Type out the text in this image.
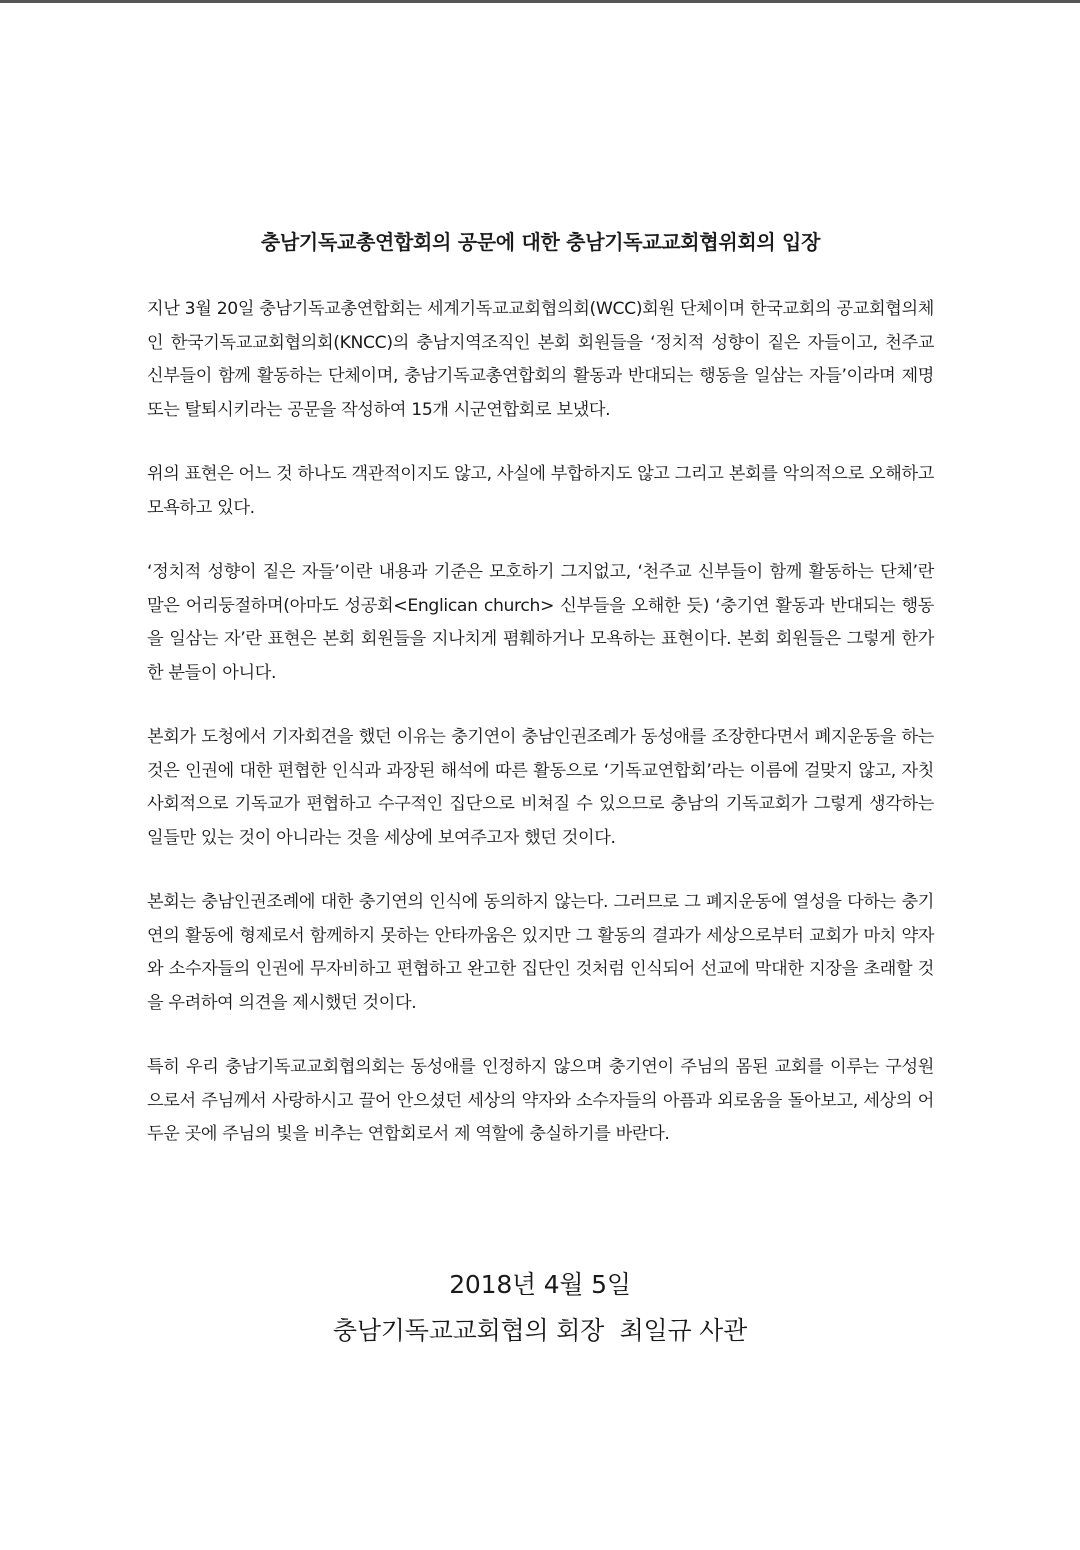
충남기독교총연합회의 공문에 대한 충남기독교교회협위회의 입장

지난 3월 20일 충남기독교총연합회는 세계기독교교회협의회(WCC)회원 단체이며 한국교회의 공교회협의체인 한국기독교교회협의회(KNCC)의 충남지역조직인 본회 회원들을 ‘정치적 성향이 짙은 자들이고, 천주교 신부들이 함께 활동하는 단체이며, 충남기독교총연합회의 활동과 반대되는 행동을 일삼는 자들’이라며 제명 또는 탈퇴시키라는 공문을 작성하여 15개 시군연합회로 보냈다.

위의 표현은 어느 것 하나도 객관적이지도 않고, 사실에 부합하지도 않고 그리고 본회를 악의적으로 오해하고 모욕하고 있다.

‘정치적 성향이 짙은 자들’이란 내용과 기준은 모호하기 그지없고, ‘천주교 신부들이 함께 활동하는 단체’란 말은 어리둥절하며(아마도 성공회<Englican church> 신부들을 오해한 듯) ‘충기연 활동과 반대되는 행동을 일삼는 자’란 표현은 본회 회원들을 지나치게 폄훼하거나 모욕하는 표현이다. 본회 회원들은 그렇게 한가한 분들이 아니다.

본회가 도청에서 기자회견을 했던 이유는 충기연이 충남인권조례가 동성애를 조장한다면서 폐지운동을 하는 것은 인권에 대한 편협한 인식과 과장된 해석에 따른 활동으로 ‘기독교연합회’라는 이름에 걸맞지 않고, 자칫 사회적으로 기독교가 편협하고 수구적인 집단으로 비쳐질 수 있으므로 충남의 기독교회가 그렇게 생각하는 일들만 있는 것이 아니라는 것을 세상에 보여주고자 했던 것이다.

본회는 충남인권조례에 대한 충기연의 인식에 동의하지 않는다. 그러므로 그 폐지운동에 열성을 다하는 충기연의 활동에 형제로서 함께하지 못하는 안타까움은 있지만 그 활동의 결과가 세상으로부터 교회가 마치 약자와 소수자들의 인권에 무자비하고 편협하고 완고한 집단인 것처럼 인식되어 선교에 막대한 지장을 초래할 것을 우려하여 의견을 제시했던 것이다.

특히 우리 충남기독교교회협의회는 동성애를 인정하지 않으며 충기연이 주님의 몸된 교회를 이루는 구성원으로서 주님께서 사랑하시고 끌어 안으셨던 세상의 약자와 소수자들의 아픔과 외로움을 돌아보고, 세상의 어두운 곳에 주님의 빛을 비추는 연합회로서 제 역할에 충실하기를 바란다.

2018년 4월 5일
충남기독교교회협의 회장  최일규 사관
